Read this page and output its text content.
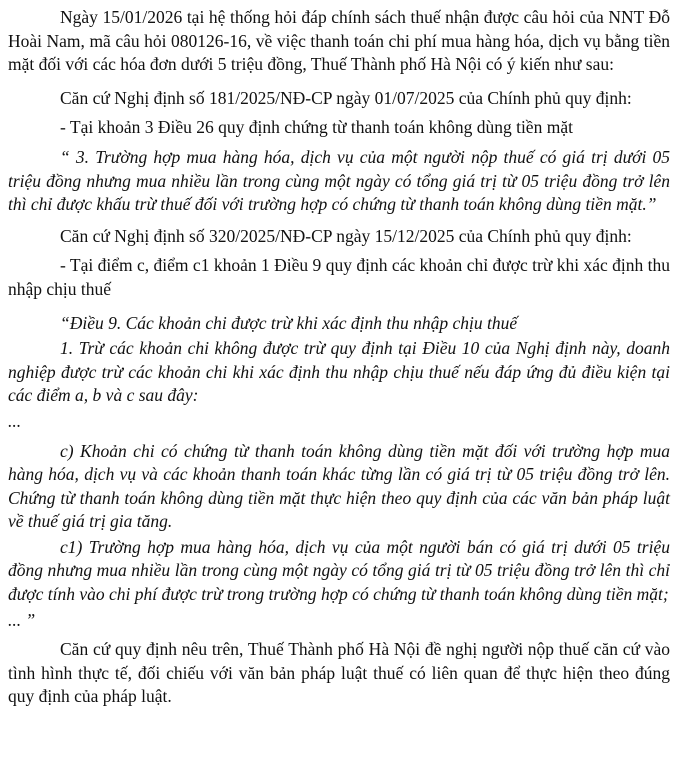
Ngày 15/01/2026 tại hệ thống hỏi đáp chính sách thuế nhận được câu hỏi của NNT Đỗ Hoài Nam, mã câu hỏi 080126-16, về việc thanh toán chi phí mua hàng hóa, dịch vụ bằng tiền mặt đối với các hóa đơn dưới 5 triệu đồng, Thuế Thành phố Hà Nội có ý kiến như sau:

Căn cứ Nghị định số 181/2025/NĐ-CP ngày 01/07/2025 của Chính phủ quy định:

- Tại khoản 3 Điều 26 quy định chứng từ thanh toán không dùng tiền mặt

“ 3. Trường hợp mua hàng hóa, dịch vụ của một người nộp thuế có giá trị dưới 05 triệu đồng nhưng mua nhiều lần trong cùng một ngày có tổng giá trị từ 05 triệu đồng trở lên thì chỉ được khấu trừ thuế đối với trường hợp có chứng từ thanh toán không dùng tiền mặt.”

Căn cứ Nghị định số 320/2025/NĐ-CP ngày 15/12/2025 của Chính phủ quy định:

- Tại điểm c, điểm c1 khoản 1 Điều 9 quy định các khoản chỉ được trừ khi xác định thu nhập chịu thuế

“Điều 9. Các khoản chi được trừ khi xác định thu nhập chịu thuế

1. Trừ các khoản chi không được trừ quy định tại Điều 10 của Nghị định này, doanh nghiệp được trừ các khoản chi khi xác định thu nhập chịu thuế nếu đáp ứng đủ điều kiện tại các điểm a, b và c sau đây:

...

c) Khoản chi có chứng từ thanh toán không dùng tiền mặt đối với trường hợp mua hàng hóa, dịch vụ và các khoản thanh toán khác từng lần có giá trị từ 05 triệu đồng trở lên. Chứng từ thanh toán không dùng tiền mặt thực hiện theo quy định của các văn bản pháp luật về thuế giá trị gia tăng.

c1) Trường hợp mua hàng hóa, dịch vụ của một người bán có giá trị dưới 05 triệu đồng nhưng mua nhiều lần trong cùng một ngày có tổng giá trị từ 05 triệu đồng trở lên thì chỉ được tính vào chi phí được trừ trong trường hợp có chứng từ thanh toán không dùng tiền mặt;

... ”

Căn cứ quy định nêu trên, Thuế Thành phố Hà Nội đề nghị người nộp thuế căn cứ vào tình hình thực tế, đối chiếu với văn bản pháp luật thuế có liên quan để thực hiện theo đúng quy định của pháp luật.
